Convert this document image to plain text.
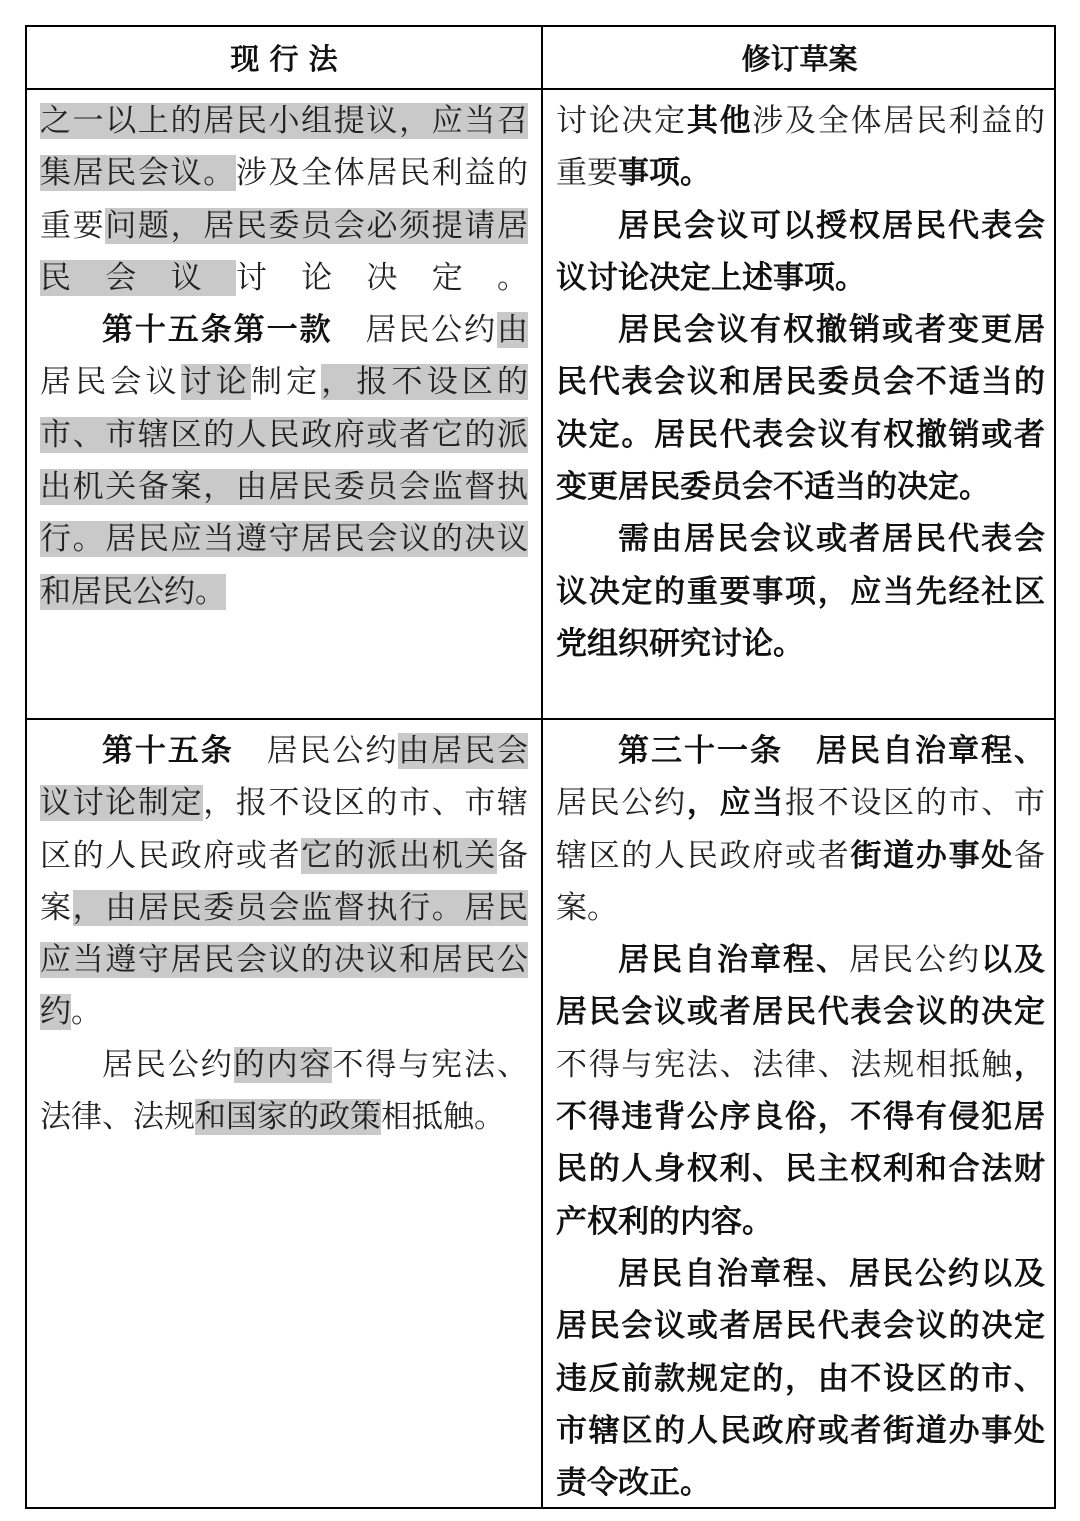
现 行 法	修订草案
之一以上的居民小组提议，应当召集居民会议。涉及全体居民利益的重要问题，居民委员会必须提请居民会议讨论决定。
第十五条第一款　居民公约由居民会议讨论制定，报不设区的市、市辖区的人民政府或者它的派出机关备案，由居民委员会监督执行。居民应当遵守居民会议的决议和居民公约。
讨论决定其他涉及全体居民利益的重要事项。
居民会议可以授权居民代表会议讨论决定上述事项。
居民会议有权撤销或者变更居民代表会议和居民委员会不适当的决定。居民代表会议有权撤销或者变更居民委员会不适当的决定。
需由居民会议或者居民代表会议决定的重要事项，应当先经社区党组织研究讨论。
第十五条　居民公约由居民会议讨论制定，报不设区的市、市辖区的人民政府或者它的派出机关备案，由居民委员会监督执行。居民应当遵守居民会议的决议和居民公约。
居民公约的内容不得与宪法、法律、法规和国家的政策相抵触。
第三十一条　 居民自治章程、居民公约，应当报不设区的市、市辖区的人民政府或者街道办事处备案。
居民自治章程、居民公约以及居民会议或者居民代表会议的决定不得与宪法、法律、法规相抵触，不得违背公序良俗，不得有侵犯居民的人身权利、民主权利和合法财产权利的内容。
居民自治章程、居民公约以及居民会议或者居民代表会议的决定违反前款规定的，由不设区的市、市辖区的人民政府或者街道办事处责令改正。
